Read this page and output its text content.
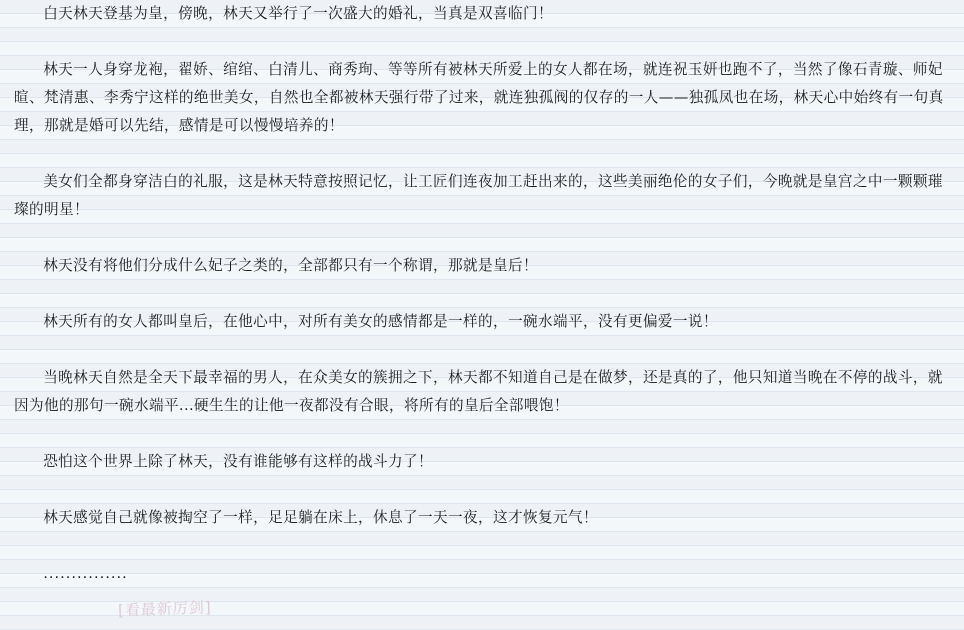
白天林天登基为皇，傍晚，林天又举行了一次盛大的婚礼，当真是双喜临门！

林天一人身穿龙袍，翟娇、绾绾、白清儿、商秀珣、等等所有被林天所爱上的女人都在场，就连祝玉妍也跑不了，当然了像石青璇、师妃暄、梵清惠、李秀宁这样的绝世美女，自然也全都被林天强行带了过来，就连独孤阀的仅存的一人——独孤凤也在场，林天心中始终有一句真理，那就是婚可以先结，感情是可以慢慢培养的！

美女们全都身穿洁白的礼服，这是林天特意按照记忆，让工匠们连夜加工赶出来的，这些美丽绝伦的女子们，今晚就是皇宫之中一颗颗璀璨的明星！

林天没有将他们分成什么妃子之类的，全部都只有一个称谓，那就是皇后！

林天所有的女人都叫皇后，在他心中，对所有美女的感情都是一样的，一碗水端平，没有更偏爱一说！

当晚林天自然是全天下最幸福的男人，在众美女的簇拥之下，林天都不知道自己是在做梦，还是真的了，他只知道当晚在不停的战斗，就因为他的那句一碗水端平...硬生生的让他一夜都没有合眼，将所有的皇后全部喂饱！

恐怕这个世界上除了林天，没有谁能够有这样的战斗力了！

林天感觉自己就像被掏空了一样，足足躺在床上，休息了一天一夜，这才恢复元气！

...............

[看最新厉剑]
